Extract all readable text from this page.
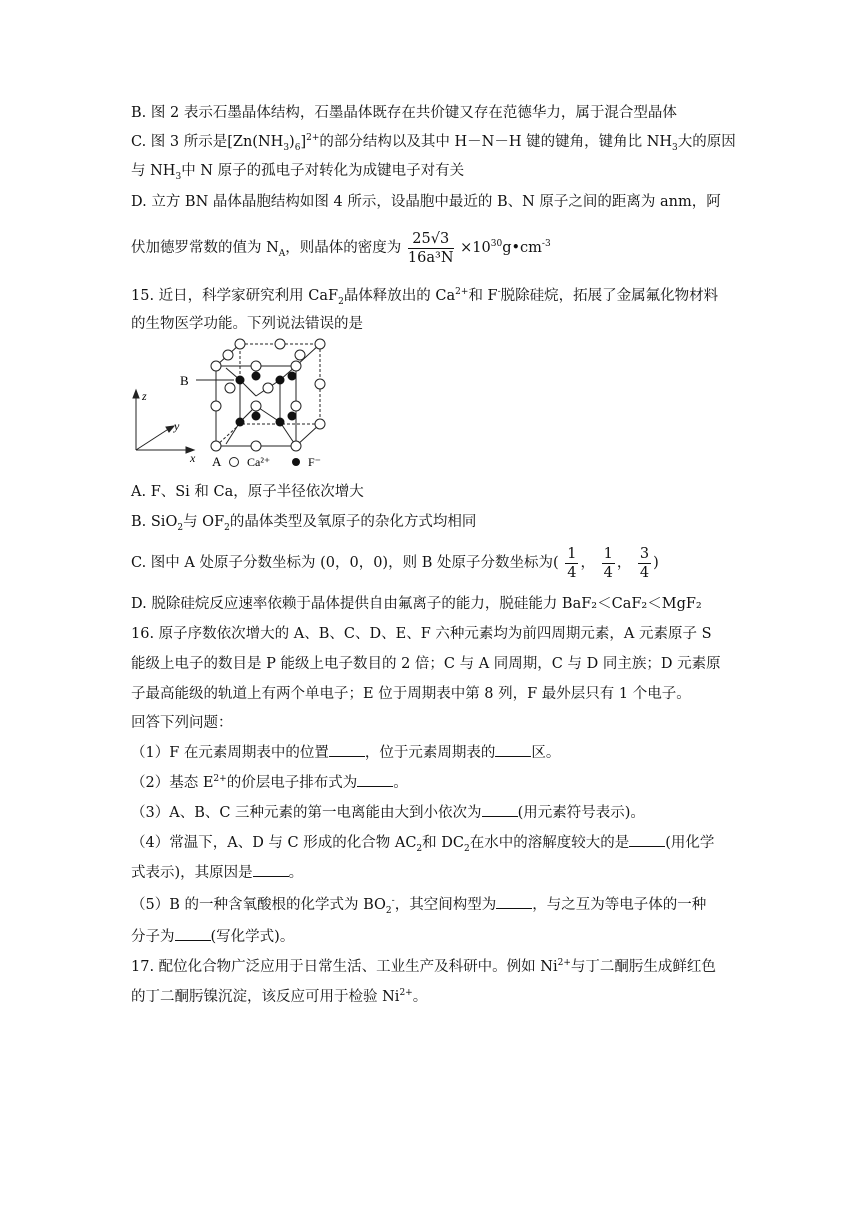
B. 图 2 表示石墨晶体结构，石墨晶体既存在共价键又存在范德华力，属于混合型晶体
C. 图 3 所示是$[Zn(NH_3)_6]^{2+}$的部分结构以及其中 H－N－H 键的键角，键角比 $NH_3$大的原因
与 $NH_3$中 N 原子的孤电子对转化为成键电子对有关
D. 立方 BN 晶体晶胞结构如图 4 所示，设晶胞中最近的 B、N 原子之间的距离为 anm，阿
伏加德罗常数的值为 $N_A$，则晶体的密度为 $\frac{25√3}{\text{16a³N}}$ $\times 10^{30}g•cm^{-3}$
15. 近日，科学家研究利用 CaF$_2$晶体释放出的 $Ca^{2+}$和 F-脱除硅烷，拓展了金属氟化物材料
的生物医学功能。下列说法错误的是
B
z
y
x A Ca²⁺	F⁻
A. F、Si 和 Ca，原子半径依次增大
B. SiO$_2$与 $OF_2$的晶体类型及氧原子的杂化方式均相同
C. 图中 A 处原子分数坐标为 (0，0，0)，则 B 处原子分数坐标为( $\frac{1}{4}$ ， $\frac{1}{4}$ ， $\frac{3}{4}$ )
D. 脱除硅烷反应速率依赖于晶体提供自由氟离子的能力，脱硅能力 BaF₂＜CaF₂＜MgF₂
16. 原子序数依次增大的 A、B、C、D、E、F 六种元素均为前四周期元素，A 元素原子 S
能级上电子的数目是 P 能级上电子数目的 2 倍；C 与 A 同周期，C 与 D 同主族；D 元素原
子最高能级的轨道上有两个单电子；E 位于周期表中第 8 列，F 最外层只有 1 个电子。
回答下列问题：
（1）F 在元素周期表中的位置 ，位于元素周期表的 区。
（2）基态 $E^{2+}$的价层电子排布式为 。
（3）A、B、C 三种元素的第一电离能由大到小依次为 (用元素符号表示)。
（4）常温下，A、D 与 C 形成的化合物 $AC_2$和 $DC_2$在水中的溶解度较大的是 (用化学
式表示)，其原因是 。
（5）B 的一种含氧酸根的化学式为 $BO_2^-$，其空间构型为 ，与之互为等电子体的一种
分子为 (写化学式)。
17. 配位化合物广泛应用于日常生活、工业生产及科研中。例如 $Ni^{2+}$与丁二酮肟生成鲜红色
的丁二酮肟镍沉淀，该反应可用于检验 $Ni^{2+}$。
